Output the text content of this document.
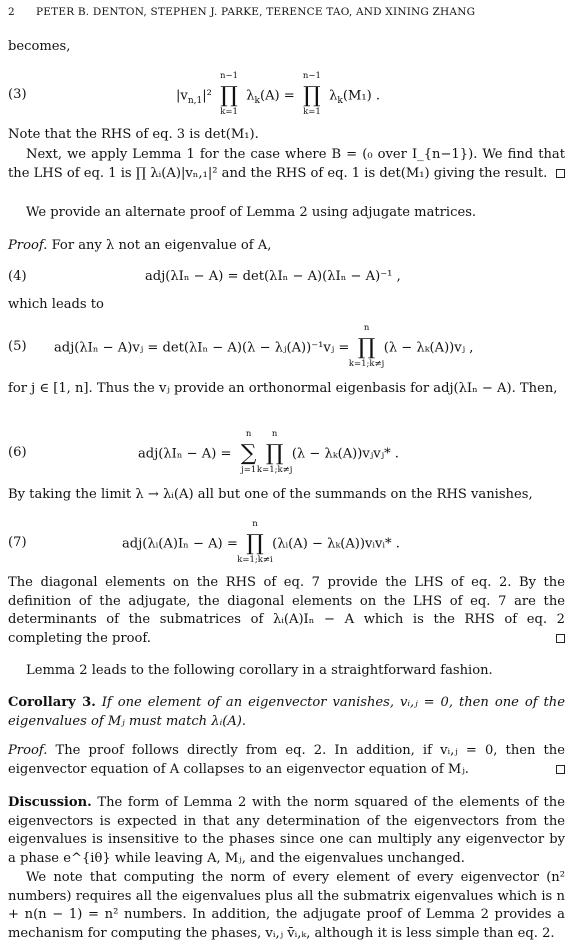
2 PETER B. DENTON, STEPHEN J. PARKE, TERENCE TAO, AND XINING ZHANG
becomes,
(3)	$|v_{n,1}|^2$
n−1
∏
k=1
$\lambda_k(A)$ =
n−1
∏
k=1
$\lambda_k(M_1)$ .

Note that the RHS of eq. 3 is det(M₁).

Next, we apply Lemma 1 for the case where B = (₀ over I_{n−1}). We find that the LHS of eq. 1 is ∏ λᵢ(A)|vₙ,₁|² and the RHS of eq. 1 is det(M₁) giving the result.

We provide an alternate proof of Lemma 2 using adjugate matrices.

Proof. For any λ not an eigenvalue of A,

(4)	adj(λIₙ − A) = det(λIₙ − A)(λIₙ − A)⁻¹ ,

which leads to

(5) adj(λIₙ − A)vⱼ = det(λIₙ − A)(λ − λⱼ(A))⁻¹vⱼ =
n
∏
k=1;k≠j
(λ − λₖ(A))vⱼ ,

for j ∈ [1, n]. Thus the vⱼ provide an orthonormal eigenbasis for adj(λIₙ − A). Then,

(6)	adj(λIₙ − A) =
n
∑
j=1
n
∏
k=1;k≠j
(λ − λₖ(A))vⱼvⱼ* .

By taking the limit λ → λᵢ(A) all but one of the summands on the RHS vanishes,

(7)	adj(λᵢ(A)Iₙ − A) =
n
∏
k=1;k≠i
(λᵢ(A) − λₖ(A))vᵢvᵢ* .

The diagonal elements on the RHS of eq. 7 provide the LHS of eq. 2. By the definition of the adjugate, the diagonal elements on the LHS of eq. 7 are the determinants of the submatrices of λᵢ(A)Iₙ − A which is the RHS of eq. 2 completing the proof.

Lemma 2 leads to the following corollary in a straightforward fashion.

Corollary 3. If one element of an eigenvector vanishes, vᵢ,ⱼ = 0, then one of the eigenvalues of Mⱼ must match λᵢ(A).

Proof. The proof follows directly from eq. 2. In addition, if vᵢ,ⱼ = 0, then the eigenvector equation of A collapses to an eigenvector equation of Mⱼ.

Discussion. The form of Lemma 2 with the norm squared of the elements of the eigenvectors is expected in that any determination of the eigenvectors from the eigenvalues is insensitive to the phases since one can multiply any eigenvector by a phase e^{iθ} while leaving A, Mⱼ, and the eigenvalues unchanged.

We note that computing the norm of every element of every eigenvector (n² numbers) requires all the eigenvalues plus all the submatrix eigenvalues which is n + n(n − 1) = n² numbers. In addition, the adjugate proof of Lemma 2 provides a mechanism for computing the phases, vᵢ,ⱼ v̄ᵢ,ₖ, although it is less simple than eq. 2.
